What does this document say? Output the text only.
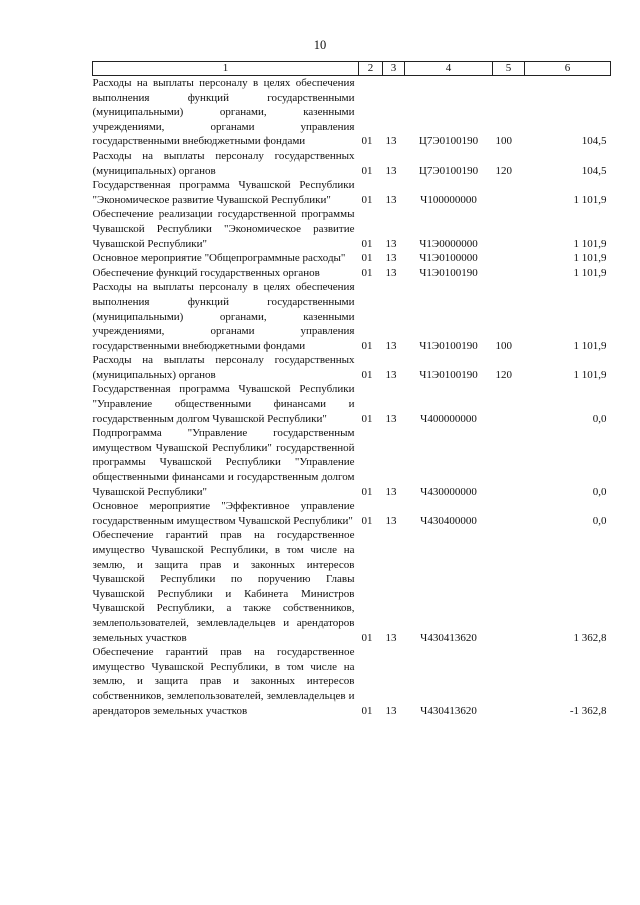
10
1	2	3	4	5	6
Расходы на выплаты персоналу в целях обеспечения выполнения функций государственными (муниципальными) органами, казенными учреждениями, органами управления государственными внебюджетными фондами	01	13	Ц7Э0100190	100	104,5
Расходы на выплаты персоналу государственных (муниципальных) органов	01	13	Ц7Э0100190	120	104,5
Государственная программа Чувашской Республики "Экономическое развитие Чувашской Республики"	01	13	Ч100000000		1 101,9
Обеспечение реализации государственной программы Чувашской Республики "Экономическое развитие Чувашской Республики"	01	13	Ч1Э0000000		1 101,9
Основное мероприятие "Общепрограммные расходы"	01	13	Ч1Э0100000		1 101,9
Обеспечение функций государственных органов	01	13	Ч1Э0100190		1 101,9
Расходы на выплаты персоналу в целях обеспечения выполнения функций государственными (муниципальными) органами, казенными учреждениями, органами управления государственными внебюджетными фондами	01	13	Ч1Э0100190	100	1 101,9
Расходы на выплаты персоналу государственных (муниципальных) органов	01	13	Ч1Э0100190	120	1 101,9
Государственная программа Чувашской Республики "Управление общественными финансами и государственным долгом Чувашской Республики"	01	13	Ч400000000		0,0
Подпрограмма "Управление государственным имуществом Чувашской Республики" государственной программы Чувашской Республики "Управление общественными финансами и государственным долгом Чувашской Республики"	01	13	Ч430000000		0,0
Основное мероприятие "Эффективное управление государственным имуществом Чувашской Республики"	01	13	Ч430400000		0,0
Обеспечение гарантий прав на государственное имущество Чувашской Республики, в том числе на землю, и защита прав и законных интересов Чувашской Республики по поручению Главы Чувашской Республики и Кабинета Министров Чувашской Республики, а также собственников, землепользователей, землевладельцев и арендаторов земельных участков	01	13	Ч430413620		1 362,8
Обеспечение гарантий прав на государственное имущество Чувашской Республики, в том числе на землю, и защита прав и законных интересов собственников, землепользователей, землевладельцев и арендаторов земельных участков	01	13	Ч430413620		-1 362,8
